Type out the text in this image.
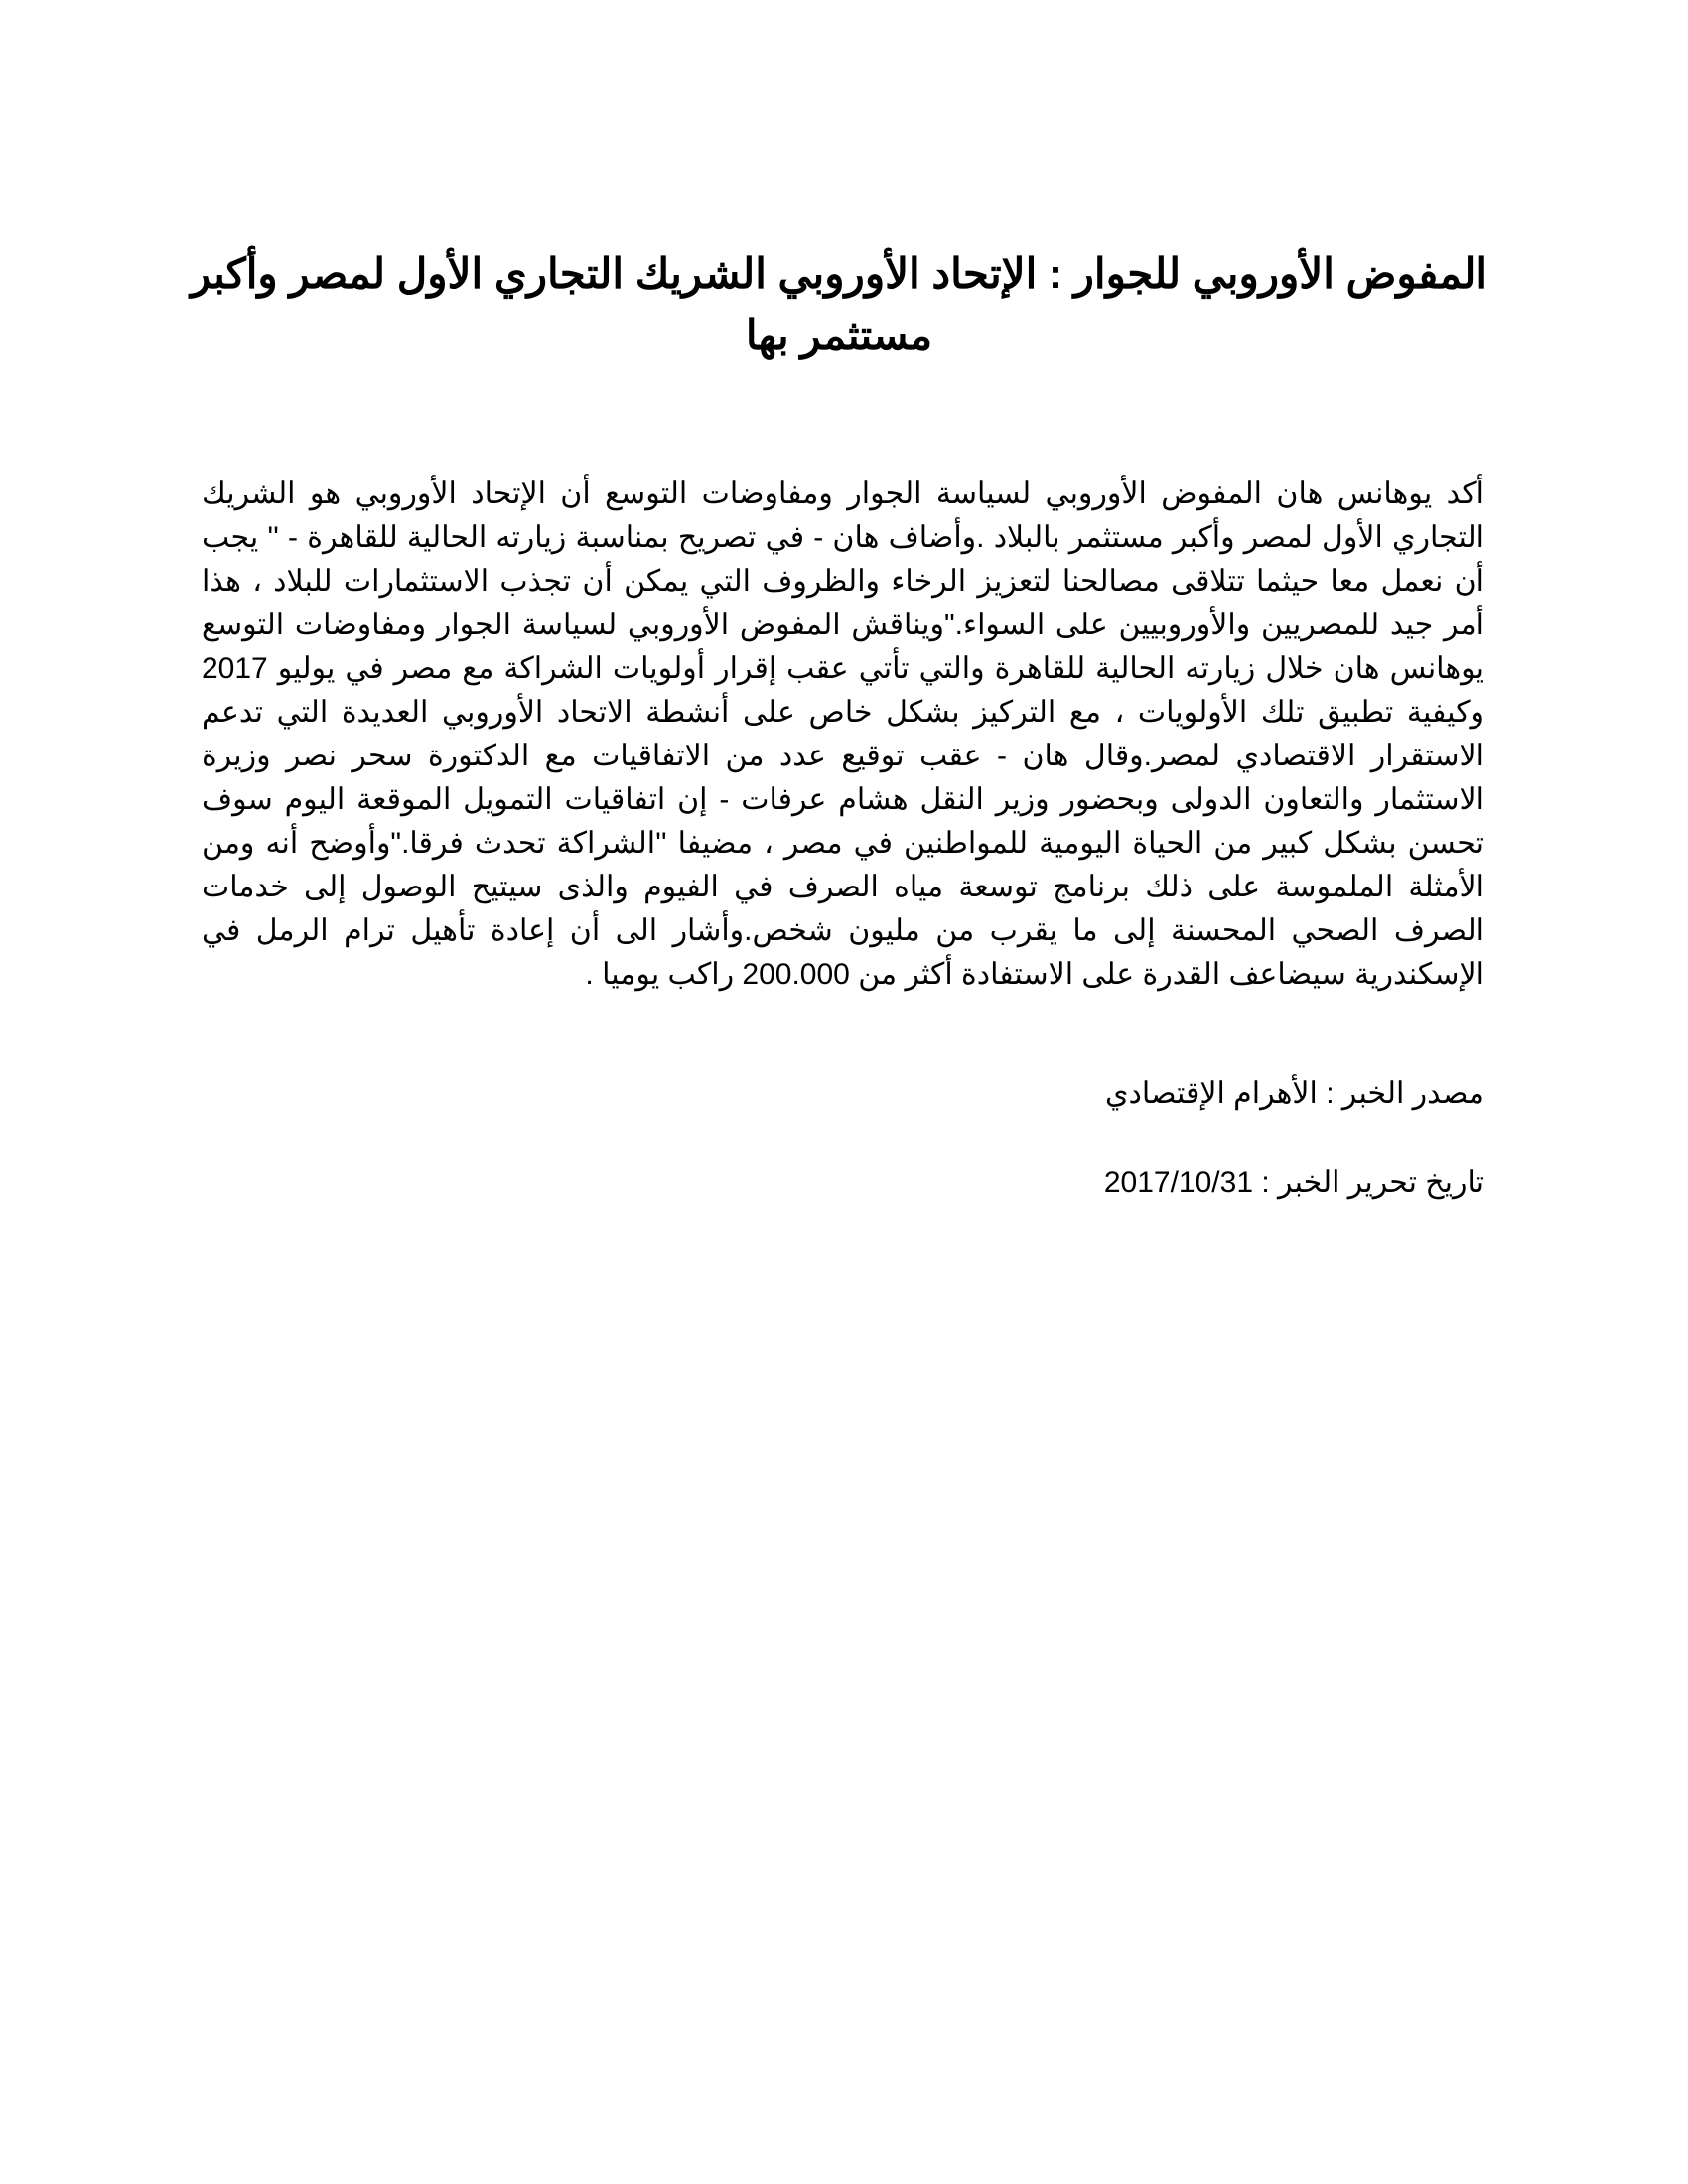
المفوض الأوروبي للجوار : الإتحاد الأوروبي الشريك التجاري الأول لمصر وأكبر مستثمر بها

أكد يوهانس هان المفوض الأوروبي لسياسة الجوار ومفاوضات التوسع أن الإتحاد الأوروبي هو الشريك التجاري الأول لمصر وأكبر مستثمر بالبلاد .وأضاف هان - في تصريح بمناسبة زيارته الحالية للقاهرة - '' يجب أن نعمل معا حيثما تتلاقى مصالحنا لتعزيز الرخاء والظروف التي يمكن أن تجذب الاستثمارات للبلاد ، هذا أمر جيد للمصريين والأوروبيين على السواء."ويناقش المفوض الأوروبي لسياسة الجوار ومفاوضات التوسع يوهانس هان خلال زيارته الحالية للقاهرة والتي تأتي عقب إقرار أولويات الشراكة مع مصر في يوليو 2017 وكيفية تطبيق تلك الأولويات ، مع التركيز بشكل خاص على أنشطة الاتحاد الأوروبي العديدة التي تدعم الاستقرار الاقتصادي لمصر.وقال هان - عقب توقيع عدد من الاتفاقيات مع الدكتورة سحر نصر وزيرة الاستثمار والتعاون الدولى وبحضور وزير النقل هشام عرفات - إن اتفاقيات التمويل الموقعة اليوم سوف تحسن بشكل كبير من الحياة اليومية للمواطنين في مصر ، مضيفا ''الشراكة تحدث فرقا."وأوضح أنه ومن الأمثلة الملموسة على ذلك برنامج توسعة مياه الصرف في الفيوم والذى سيتيح الوصول إلى خدمات الصرف الصحي المحسنة إلى ما يقرب من مليون شخص.وأشار الى أن إعادة تأهيل ترام الرمل في الإسكندرية سيضاعف القدرة على الاستفادة أكثر من 200.000 راكب يوميا .

مصدر الخبر : الأهرام الإقتصادي

تاريخ تحرير الخبر : 2017/10/31
